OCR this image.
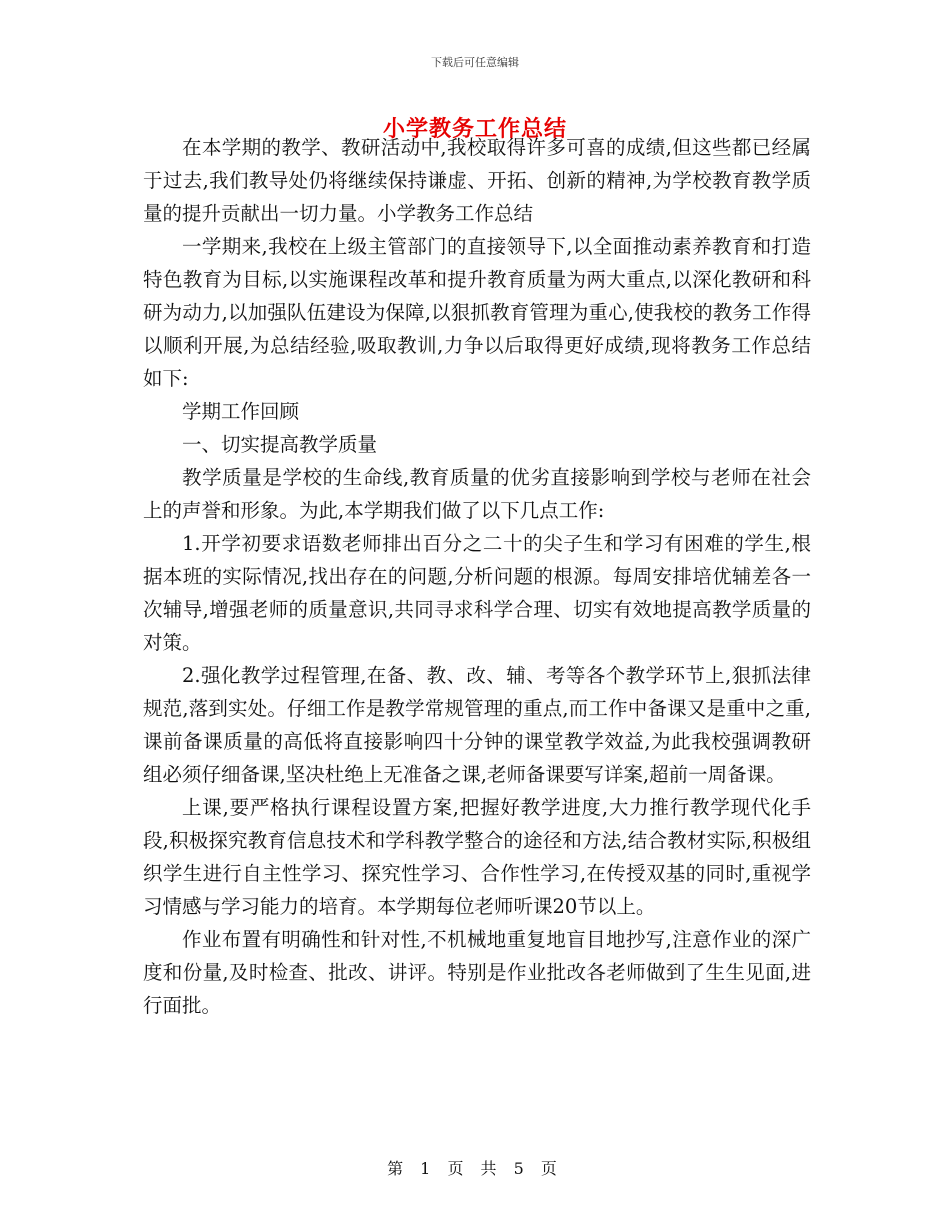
下载后可任意编辑
小学教务工作总结

在本学期的教学、教研活动中,我校取得许多可喜的成绩,但这些都已经属于过去,我们教导处仍将继续保持谦虚、开拓、创新的精神,为学校教育教学质量的提升贡献出一切力量。小学教务工作总结

一学期来,我校在上级主管部门的直接领导下,以全面推动素养教育和打造特色教育为目标,以实施课程改革和提升教育质量为两大重点,以深化教研和科研为动力,以加强队伍建设为保障,以狠抓教育管理为重心,使我校的教务工作得以顺利开展,为总结经验,吸取教训,力争以后取得更好成绩,现将教务工作总结如下:

学期工作回顾

一、切实提高教学质量

教学质量是学校的生命线,教育质量的优劣直接影响到学校与老师在社会上的声誉和形象。为此,本学期我们做了以下几点工作:

1.开学初要求语数老师排出百分之二十的尖子生和学习有困难的学生,根据本班的实际情况,找出存在的问题,分析问题的根源。每周安排培优辅差各一次辅导,增强老师的质量意识,共同寻求科学合理、切实有效地提高教学质量的对策。

2.强化教学过程管理,在备、教、改、辅、考等各个教学环节上,狠抓法律规范,落到实处。仔细工作是教学常规管理的重点,而工作中备课又是重中之重,课前备课质量的高低将直接影响四十分钟的课堂教学效益,为此我校强调教研组必须仔细备课,坚决杜绝上无准备之课,老师备课要写详案,超前一周备课。

上课,要严格执行课程设置方案,把握好教学进度,大力推行教学现代化手段,积极探究教育信息技术和学科教学整合的途径和方法,结合教材实际,积极组织学生进行自主性学习、探究性学习、合作性学习,在传授双基的同时,重视学习情感与学习能力的培育。本学期每位老师听课20节以上。

作业布置有明确性和针对性,不机械地重复地盲目地抄写,注意作业的深广度和份量,及时检查、批改、讲评。特别是作业批改各老师做到了生生见面,进行面批。

第 1 页 共 5 页
